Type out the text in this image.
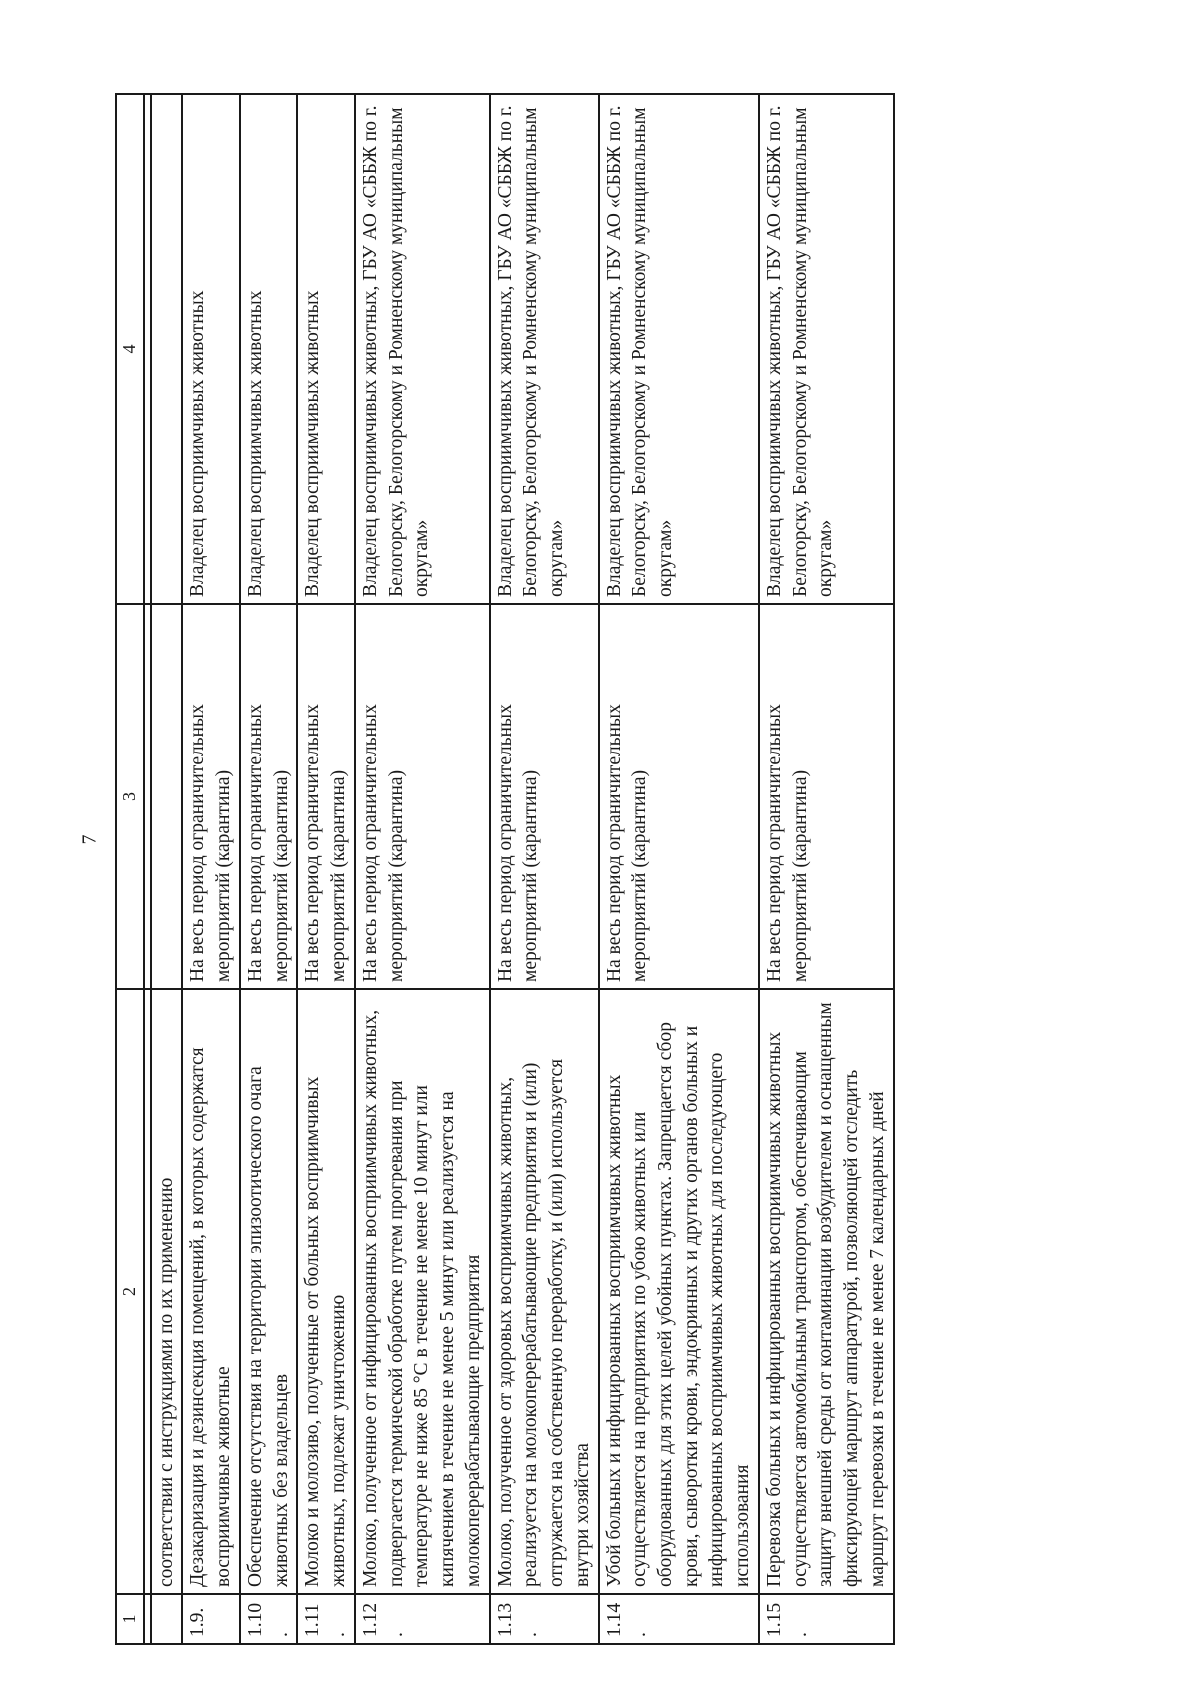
7
1	2	3	4

	соответствии с инструкциями по их применению		
1.9.	Дезакаризация и дезинсекция помещений, в которых содержатся восприимчивые животные	На весь период ограничительных мероприятий (карантина)	Владелец восприимчивых животных
1.10.	Обеспечение отсутствия на территории эпизоотического очага животных без владельцев	На весь период ограничительных мероприятий (карантина)	Владелец восприимчивых животных
1.11.	Молоко и молозиво, полученные от больных восприимчивых животных, подлежат уничтожению	На весь период ограничительных мероприятий (карантина)	Владелец восприимчивых животных
1.12.	Молоко, полученное от инфицированных восприимчивых животных, подвергается термической обработке путем прогревания при температуре не ниже 85 °С в течение не менее 10 минут или кипячением в течение не менее 5 минут или реализуется на молокоперерабатывающие предприятия	На весь период ограничительных мероприятий (карантина)	Владелец восприимчивых животных, ГБУ АО «СББЖ по г. Белогорску, Белогорскому и Ромненскому муниципальным округам»
1.13.	Молоко, полученное от здоровых восприимчивых животных, реализуется на молокоперерабатывающие предприятия и (или) отгружается на собственную переработку, и (или) используется внутри хозяйства	На весь период ограничительных мероприятий (карантина)	Владелец восприимчивых животных, ГБУ АО «СББЖ по г. Белогорску, Белогорскому и Ромненскому муниципальным округам»
1.14.	Убой больных и инфицированных восприимчивых животных осуществляется на предприятиях по убою животных или оборудованных для этих целей убойных пунктах. Запрещается сбор крови, сыворотки крови, эндокринных и других органов больных и инфицированных восприимчивых животных для последующего использования	На весь период ограничительных мероприятий (карантина)	Владелец восприимчивых животных, ГБУ АО «СББЖ по г. Белогорску, Белогорскому и Ромненскому муниципальным округам»
1.15.	Перевозка больных и инфицированных восприимчивых животных осуществляется автомобильным транспортом, обеспечивающим защиту внешней среды от контаминации возбудителем и оснащенным фиксирующей маршрут аппаратурой, позволяющей отследить маршрут перевозки в течение не менее 7 календарных дней	На весь период ограничительных мероприятий (карантина)	Владелец восприимчивых животных, ГБУ АО «СББЖ по г. Белогорску, Белогорскому и Ромненскому муниципальным округам»
